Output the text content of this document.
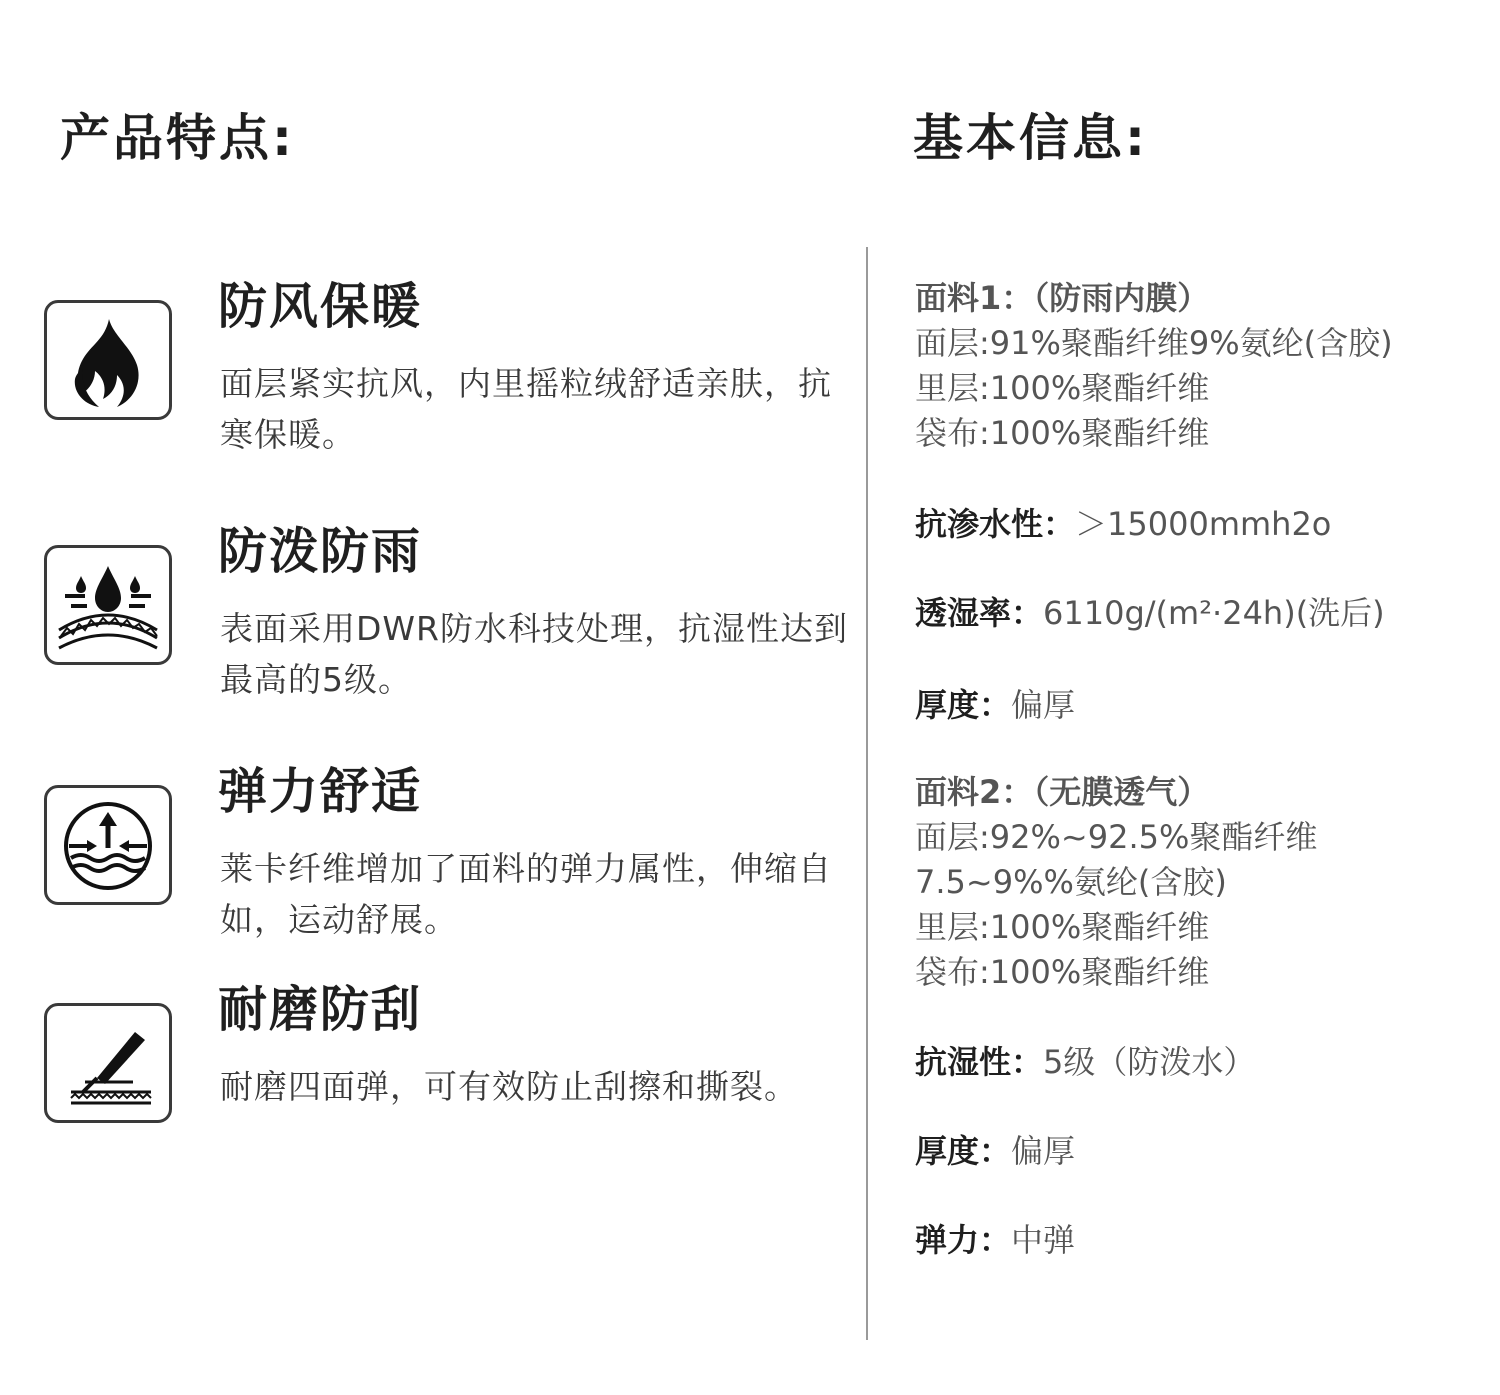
产品特点:	基本信息:
防风保暖

面层紧实抗风，内里摇粒绒舒适亲肤，抗寒保暖。

防泼防雨

表面采用DWR防水科技处理，抗湿性达到最高的5级。

弹力舒适

莱卡纤维增加了面料的弹力属性，伸缩自如，运动舒展。

耐磨防刮

耐磨四面弹，可有效防止刮擦和撕裂。

面料1：（防雨内膜）
面层:91%聚酯纤维9%氨纶(含胶)
里层:100%聚酯纤维
袋布:100%聚酯纤维
抗渗水性：＞15000mmh2o
透湿率：6110g/(m²·24h)(洗后)
厚度：偏厚
面料2：（无膜透气）
面层:92%~92.5%聚酯纤维
7.5~9%%氨纶(含胶)
里层:100%聚酯纤维
袋布:100%聚酯纤维
抗湿性：5级（防泼水）
厚度：偏厚
弹力：中弹
